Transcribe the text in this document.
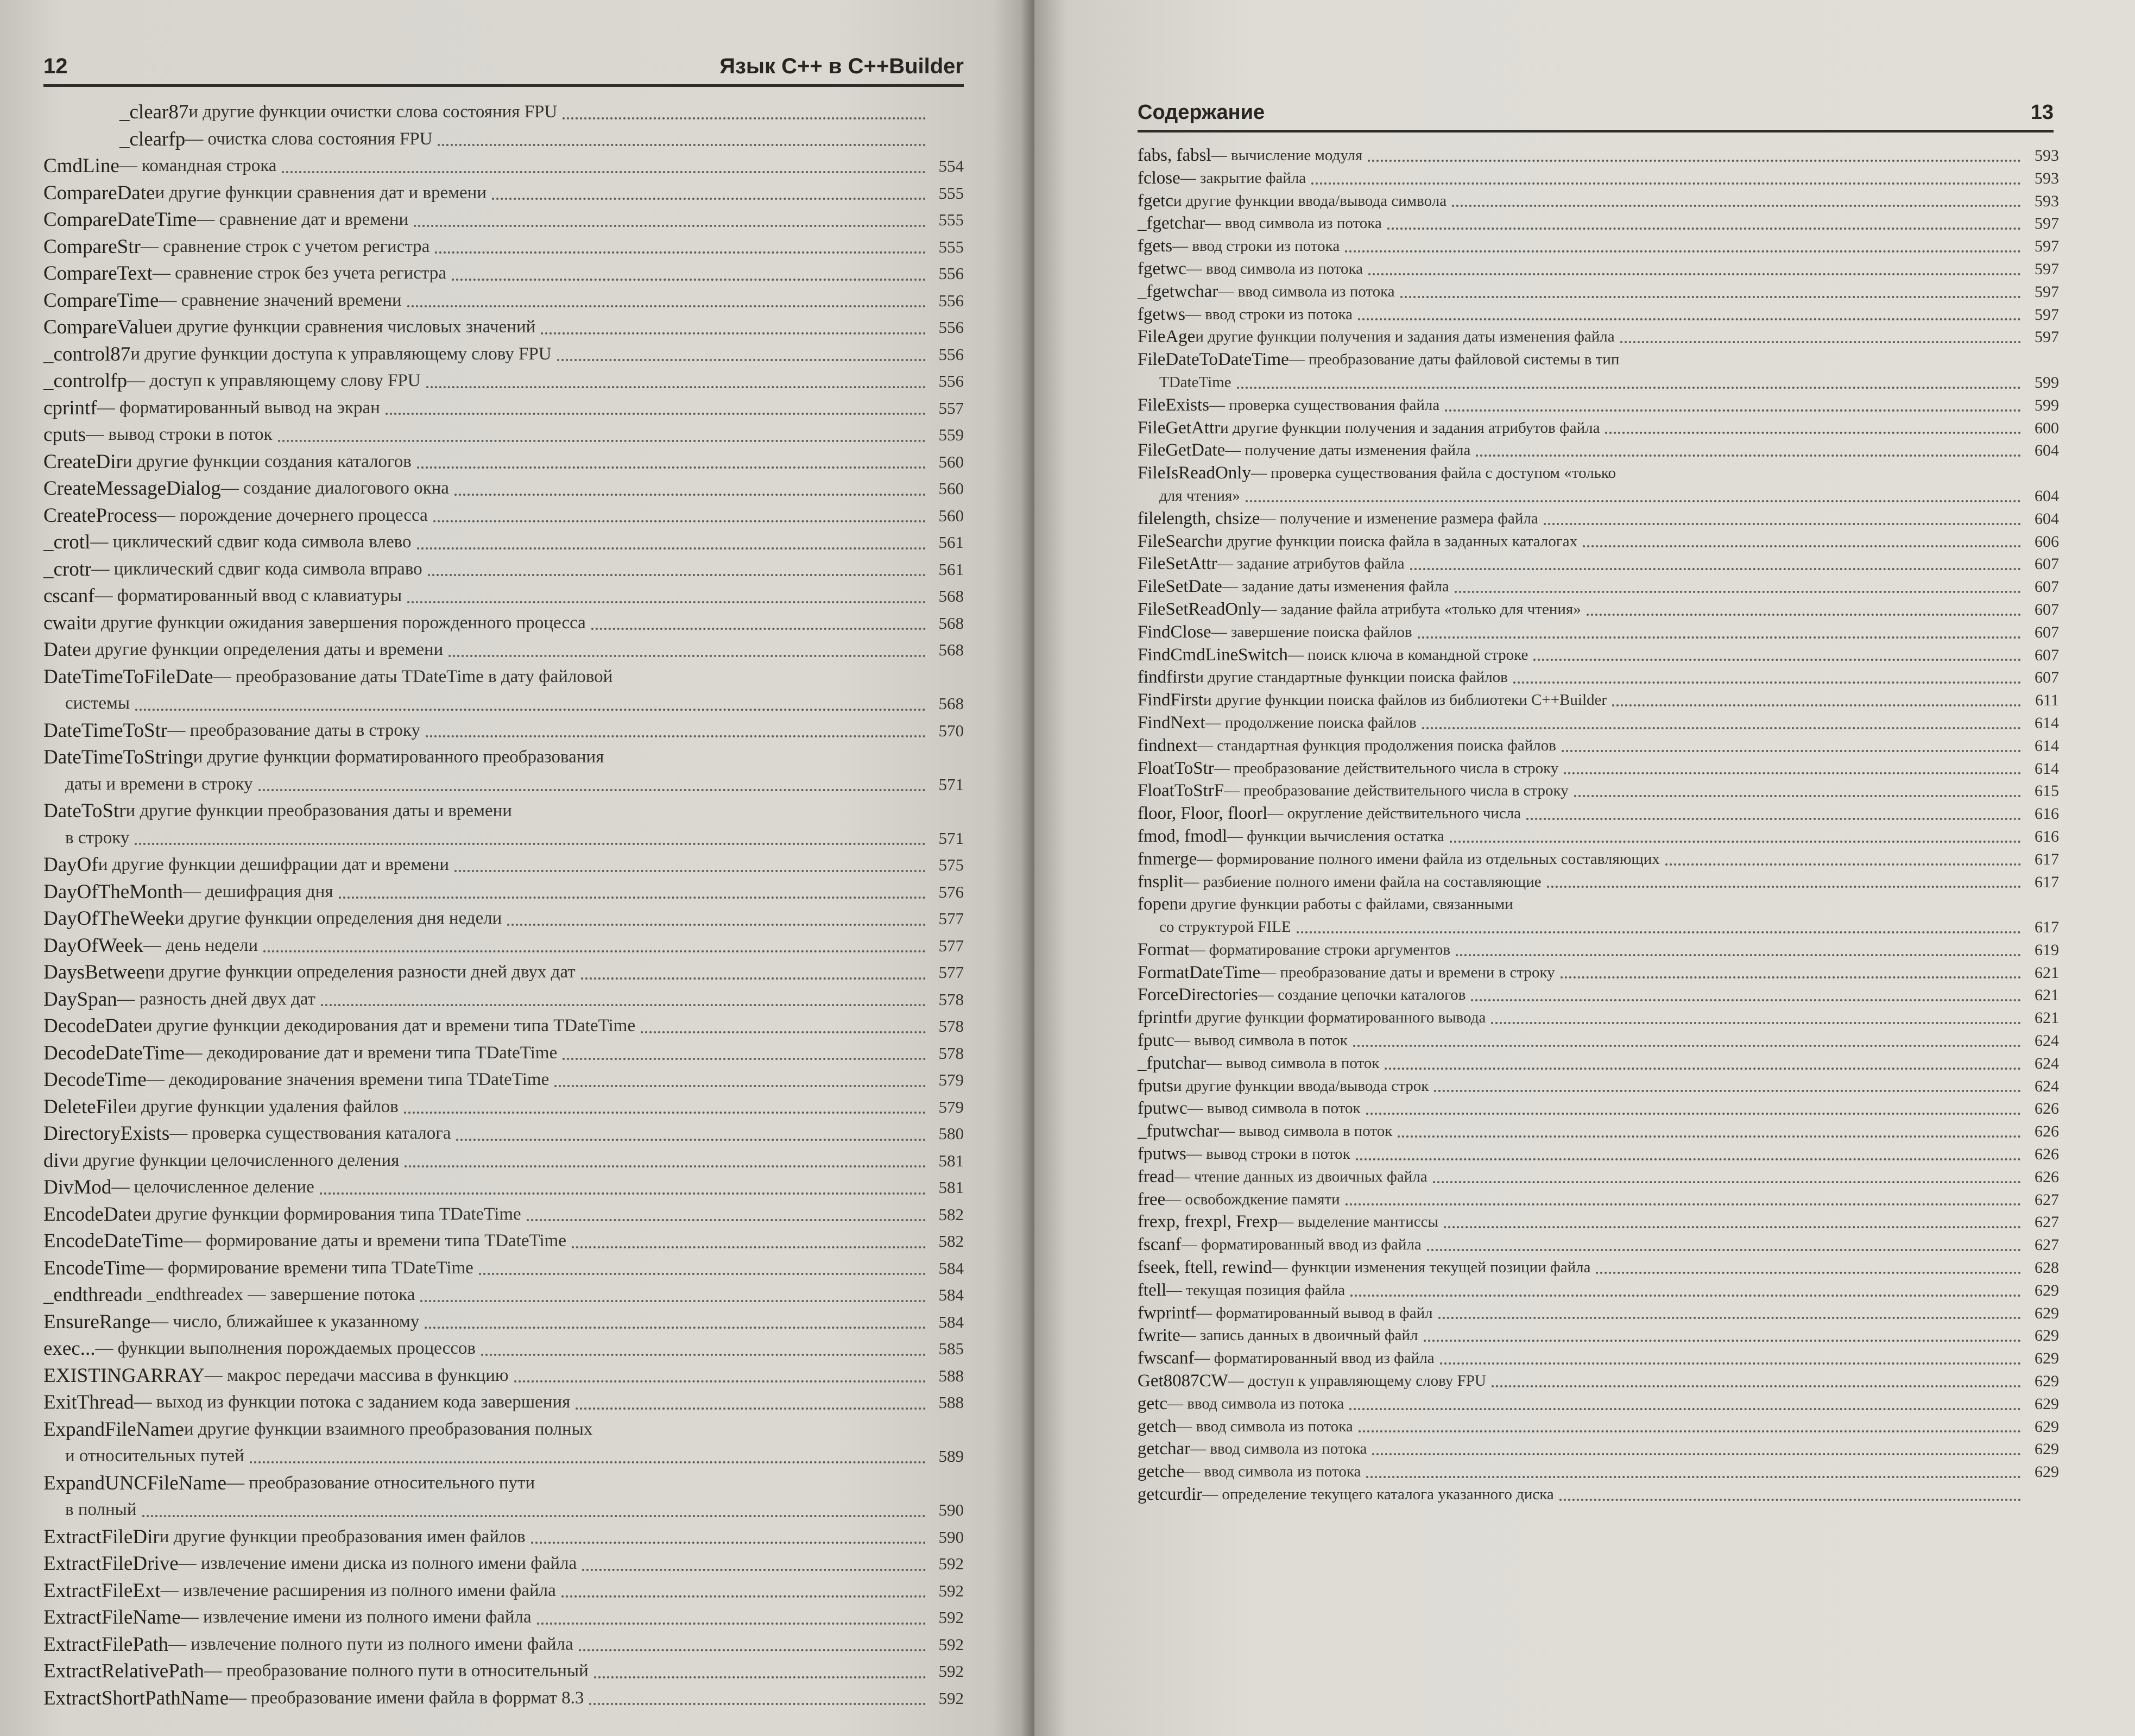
12	Язык C++ в C++Builder
_clear87 и другие функции очистки слова состояния FPU
_clearfp — очистка слова состояния FPU
CmdLine — командная строка	554
CompareDate и другие функции сравнения дат и времени	555
CompareDateTime — сравнение дат и времени	555
CompareStr — сравнение строк с учетом регистра	555
CompareText — сравнение строк без учета регистра	556
CompareTime — сравнение значений времени	556
CompareValue и другие функции сравнения числовых значений	556
_control87 и другие функции доступа к управляющему слову FPU	556
_controlfp — доступ к управляющему слову FPU	556
cprintf — форматированный вывод на экран	557
cputs — вывод строки в поток	559
CreateDir и другие функции создания каталогов	560
CreateMessageDialog — создание диалогового окна	560
CreateProcess — порождение дочернего процесса	560
_crotl — циклический сдвиг кода символа влево	561
_crotr — циклический сдвиг кода символа вправо	561
cscanf — форматированный ввод с клавиатуры	568
cwait и другие функции ожидания завершения порожденного процесса	568
Date и другие функции определения даты и времени	568
DateTimeToFileDate — преобразование даты TDateTime в дату файловой
системы	568
DateTimeToStr — преобразование даты в строку	570
DateTimeToString и другие функции форматированного преобразования
даты и времени в строку	571
DateToStr и другие функции преобразования даты и времени
в строку	571
DayOf и другие функции дешифрации дат и времени	575
DayOfTheMonth — дешифрация дня	576
DayOfTheWeek и другие функции определения дня недели	577
DayOfWeek — день недели	577
DaysBetween и другие функции определения разности дней двух дат	577
DaySpan — разность дней двух дат	578
DecodeDate и другие функции декодирования дат и времени типа TDateTime	578
DecodeDateTime — декодирование дат и времени типа TDateTime	578
DecodeTime — декодирование значения времени типа TDateTime	579
DeleteFile и другие функции удаления файлов	579
DirectoryExists — проверка существования каталога	580
div и другие функции целочисленного деления	581
DivMod — целочисленное деление	581
EncodeDate и другие функции формирования типа TDateTime	582
EncodeDateTime — формирование даты и времени типа TDateTime	582
EncodeTime — формирование времени типа TDateTime	584
_endthread и _endthreadex — завершение потока	584
EnsureRange — число, ближайшее к указанному	584
exec... — функции выполнения порождаемых процессов	585
EXISTINGARRAY — макрос передачи массива в функцию	588
ExitThread — выход из функции потока с заданием кода завершения	588
ExpandFileName и другие функции взаимного преобразования полных
и относительных путей	589
ExpandUNCFileName — преобразование относительного пути
в полный	590
ExtractFileDir и другие функции преобразования имен файлов	590
ExtractFileDrive — извлечение имени диска из полного имени файла	592
ExtractFileExt — извлечение расширения из полного имени файла	592
ExtractFileName — извлечение имени из полного имени файла	592
ExtractFilePath — извлечение полного пути из полного имени файла	592
ExtractRelativePath — преобразование полного пути в относительный	592
ExtractShortPathName — преобразование имени файла в форрмат 8.3	592
Содержание	13
fabs, fabsl — вычисление модуля	593
fclose — закрытие файла	593
fgetc и другие функции ввода/вывода символа	593
_fgetchar — ввод символа из потока	597
fgets — ввод строки из потока	597
fgetwc — ввод символа из потока	597
_fgetwchar — ввод символа из потока	597
fgetws — ввод строки из потока	597
FileAge и другие функции получения и задания даты изменения файла	597
FileDateToDateTime — преобразование даты файловой системы в тип
TDateTime	599
FileExists — проверка существования файла	599
FileGetAttr и другие функции получения и задания атрибутов файла	600
FileGetDate — получение даты изменения файла	604
FileIsReadOnly — проверка существования файла с доступом «только
для чтения»	604
filelength, chsize — получение и изменение размера файла	604
FileSearch и другие функции поиска файла в заданных каталогах	606
FileSetAttr — задание атрибутов файла	607
FileSetDate — задание даты изменения файла	607
FileSetReadOnly — задание файла атрибута «только для чтения»	607
FindClose — завершение поиска файлов	607
FindCmdLineSwitch — поиск ключа в командной строке	607
findfirst и другие стандартные функции поиска файлов	607
FindFirst и другие функции поиска файлов из библиотеки C++Builder	611
FindNext — продолжение поиска файлов	614
findnext — стандартная функция продолжения поиска файлов	614
FloatToStr — преобразование действительного числа в строку	614
FloatToStrF — преобразование действительного числа в строку	615
floor, Floor, floorl — округление действительного числа	616
fmod, fmodl — функции вычисления остатка	616
fnmerge — формирование полного имени файла из отдельных составляющих	617
fnsplit — разбиение полного имени файла на составляющие	617
fopen и другие функции работы с файлами, связанными
со структурой FILE	617
Format — форматирование строки аргументов	619
FormatDateTime — преобразование даты и времени в строку	621
ForceDirectories — создание цепочки каталогов	621
fprintf и другие функции форматированного вывода	621
fputc — вывод символа в поток	624
_fputchar — вывод символа в поток	624
fputs и другие функции ввода/вывода строк	624
fputwc — вывод символа в поток	626
_fputwchar — вывод символа в поток	626
fputws — вывод строки в поток	626
fread — чтение данных из двоичных файла	626
free — освобождкение памяти	627
frexp, frexpl, Frexp — выделение мантиссы	627
fscanf — форматированный ввод из файла	627
fseek, ftell, rewind — функции изменения текущей позиции файла	628
ftell — текущая позиция файла	629
fwprintf — форматированный вывод в файл	629
fwrite — запись данных в двоичный файл	629
fwscanf — форматированный ввод из файла	629
Get8087CW — доступ к управляющему слову FPU	629
getc — ввод символа из потока	629
getch — ввод символа из потока	629
getchar — ввод символа из потока	629
getche — ввод символа из потока	629
getcurdir — определение текущего каталога указанного диска
